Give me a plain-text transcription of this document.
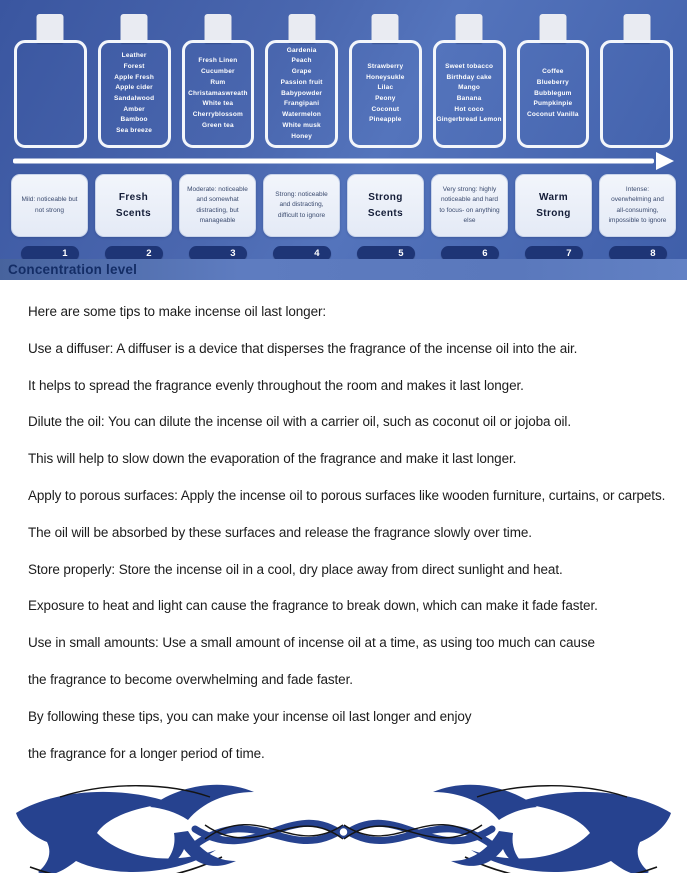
Leather
Forest
Apple Fresh
Apple cider
Sandalwood
Amber
Bamboo
Sea breeze
Fresh Linen
Cucumber
Rum
Christamaswreath
White tea
Cherryblossom
Green tea
Gardenia
Peach
Grape
Passion fruit
Babypowder
Frangipani
Watermelon
White musk
Honey
Strawberry
Honeysukle
Lilac
Peony
Coconut
Pineapple
Sweet tobacco
Birthday cake
Mango
Banana
Hot coco
Gingerbread Lemon
Coffee
Blueberry
Bubblegum
Pumpkinpie
Coconut Vanilla
Mild: noticeable but not strong
Fresh Scents
Moderate: noticeable and somewhat distracting, but manageable
Strong: noticeable and distracting, difficult to ignore
Strong Scents
Very strong: highly noticeable and hard to focus- on anything else
Warm Strong
Intense: overwhelming and all-consuming, impossible to ignore
1	2	3	4	5	6	7	8
Concentration level

Here are some tips to make incense oil last longer:

Use a diffuser: A diffuser is a device that disperses the fragrance of the incense oil into the air.

It helps to spread the fragrance evenly throughout the room and makes it last longer.

Dilute the oil: You can dilute the incense oil with a carrier oil, such as coconut oil or jojoba oil.

This will help to slow down the evaporation of the fragrance and make it last longer.

Apply to porous surfaces: Apply the incense oil to porous surfaces like wooden furniture, curtains, or carpets.

The oil will be absorbed by these surfaces and release the fragrance slowly over time.

Store properly: Store the incense oil in a cool, dry place away from direct sunlight and heat.

Exposure to heat and light can cause the fragrance to break down, which can make it fade faster.

Use in small amounts: Use a small amount of incense oil at a time, as using too much can cause

the fragrance to become overwhelming and fade faster.

By following these tips, you can make your incense oil last longer and enjoy

the fragrance for a longer period of time.
